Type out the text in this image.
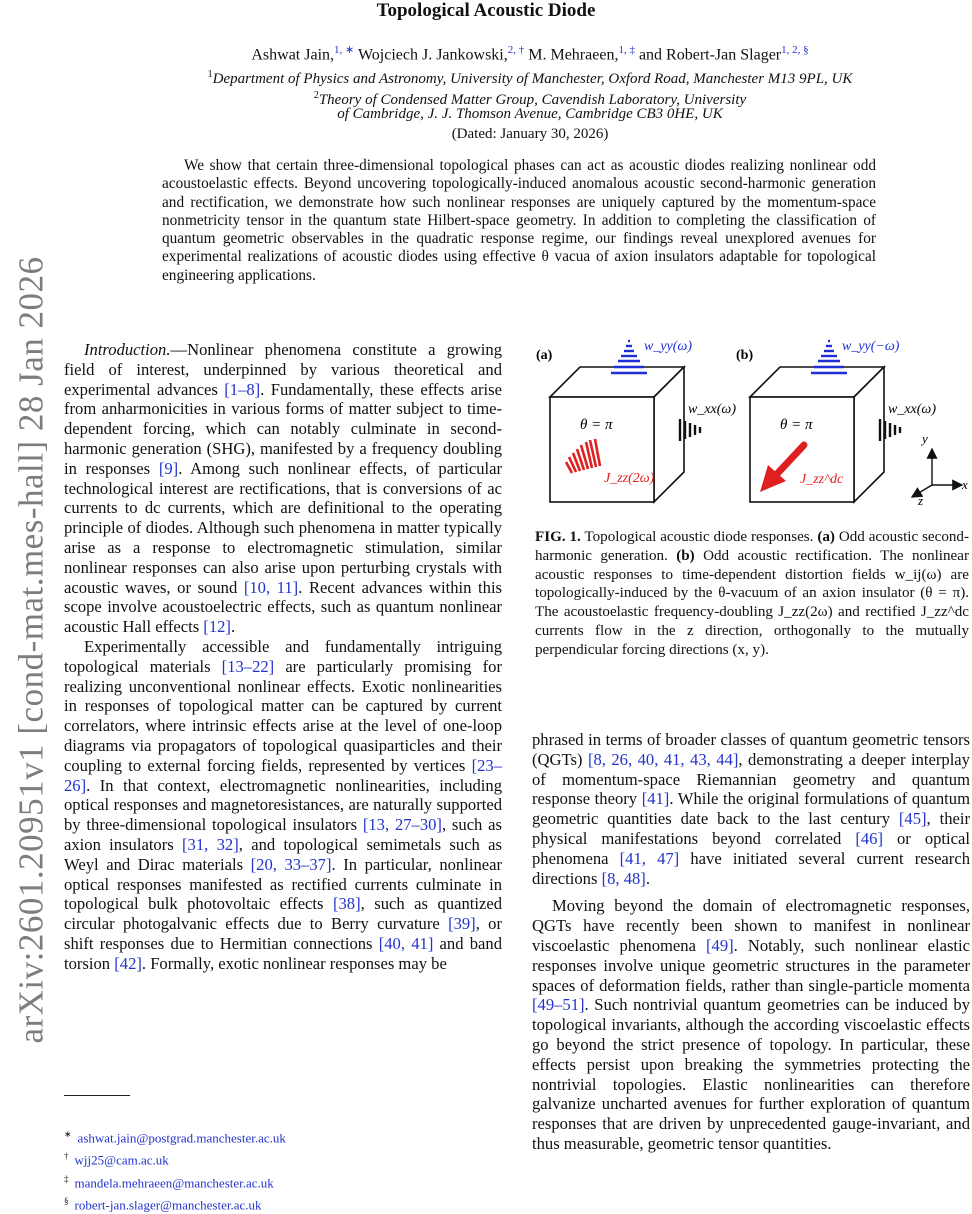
arXiv:2601.20951v1 [cond-mat.mes-hall] 28 Jan 2026
Topological Acoustic Diode
Ashwat Jain,$^{1, ∗}$ Wojciech J. Jankowski,$^{2, \dagger}$ M. Mehraeen,$^{1, \ddagger}$ and Robert-Jan Slager$^{1, 2, \S}$
$^1$Department of Physics and Astronomy, University of Manchester, Oxford Road, Manchester M13 9PL, UK
$^2$Theory of Condensed Matter Group, Cavendish Laboratory, University
of Cambridge, J. J. Thomson Avenue, Cambridge CB3 0HE, UK
(Dated: January 30, 2026)

We show that certain three-dimensional topological phases can act as acoustic diodes realizing nonlinear odd acoustoelastic effects. Beyond uncovering topologically-induced anomalous acoustic second-harmonic generation and rectification, we demonstrate how such nonlinear responses are uniquely captured by the momentum-space nonmetricity tensor in the quantum state Hilbert-space geometry. In addition to completing the classification of quantum geometric observables in the quadratic response regime, our findings reveal unexplored avenues for experimental realizations of acoustic diodes using effective θ vacua of axion insulators adaptable for topological engineering applications.

Introduction.—Nonlinear phenomena constitute a growing field of interest, underpinned by various theoretical and experimental advances [1–8]. Fundamentally, these effects arise from anharmonicities in various forms of matter subject to time-dependent forcing, which can notably culminate in second-harmonic generation (SHG), manifested by a frequency doubling in responses [9]. Among such nonlinear effects, of particular technological interest are rectifications, that is conversions of ac currents to dc currents, which are definitional to the operating principle of diodes. Although such phenomena in matter typically arise as a response to electromagnetic stimulation, similar nonlinear responses can also arise upon perturbing crystals with acoustic waves, or sound [10, 11]. Recent advances within this scope involve acoustoelectric effects, such as quantum nonlinear acoustic Hall effects [12].

Experimentally accessible and fundamentally intriguing topological materials [13–22] are particularly promising for realizing unconventional nonlinear effects. Exotic nonlinearities in responses of topological matter can be captured by current correlators, where intrinsic effects arise at the level of one-loop diagrams via propagators of topological quasiparticles and their coupling to external forcing fields, represented by vertices [23–26]. In that context, electromagnetic nonlinearities, including optical responses and magnetoresistances, are naturally supported by three-dimensional topological insulators [13, 27–30], such as axion insulators [31, 32], and topological semimetals such as Weyl and Dirac materials [20, 33–37]. In particular, nonlinear optical responses manifested as rectified currents culminate in topological bulk photovoltaic effects [38], such as quantized circular photogalvanic effects due to Berry curvature [39], or shift responses due to Hermitian connections [40, 41] and band torsion [42]. Formally, exotic nonlinear responses may be

∗ ashwat.jain@postgrad.manchester.ac.uk
† wjj25@cam.ac.uk
‡ mandela.mehraeen@manchester.ac.uk
§ robert-jan.slager@manchester.ac.uk
(a)
w_yy(ω)
w_xx(ω)
θ = π
J_zz(2ω)
(b)
w_yy(−ω)
w_xx(ω)
θ = π
J_zz^dc	x
y
z
FIG. 1. Topological acoustic diode responses. (a) Odd acoustic second-harmonic generation. (b) Odd acoustic rectification. The nonlinear acoustic responses to time-dependent distortion fields w_ij(ω) are topologically-induced by the θ-vacuum of an axion insulator (θ = π). The acoustoelastic frequency-doubling J_zz(2ω) and rectified J_zz^dc currents flow in the z direction, orthogonally to the mutually perpendicular forcing directions (x, y).

phrased in terms of broader classes of quantum geometric tensors (QGTs) [8, 26, 40, 41, 43, 44], demonstrating a deeper interplay of momentum-space Riemannian geometry and quantum response theory [41]. While the original formulations of quantum geometric quantities date back to the last century [45], their physical manifestations beyond correlated [46] or optical phenomena [41, 47] have initiated several current research directions [8, 48].

Moving beyond the domain of electromagnetic responses, QGTs have recently been shown to manifest in nonlinear viscoelastic phenomena [49]. Notably, such nonlinear elastic responses involve unique geometric structures in the parameter spaces of deformation fields, rather than single-particle momenta [49–51]. Such nontrivial quantum geometries can be induced by topological invariants, although the according viscoelastic effects go beyond the strict presence of topology. In particular, these effects persist upon breaking the symmetries protecting the nontrivial topologies. Elastic nonlinearities can therefore galvanize uncharted avenues for further exploration of quantum responses that are driven by unprecedented gauge-invariant, and thus measurable, geometric tensor quantities.
